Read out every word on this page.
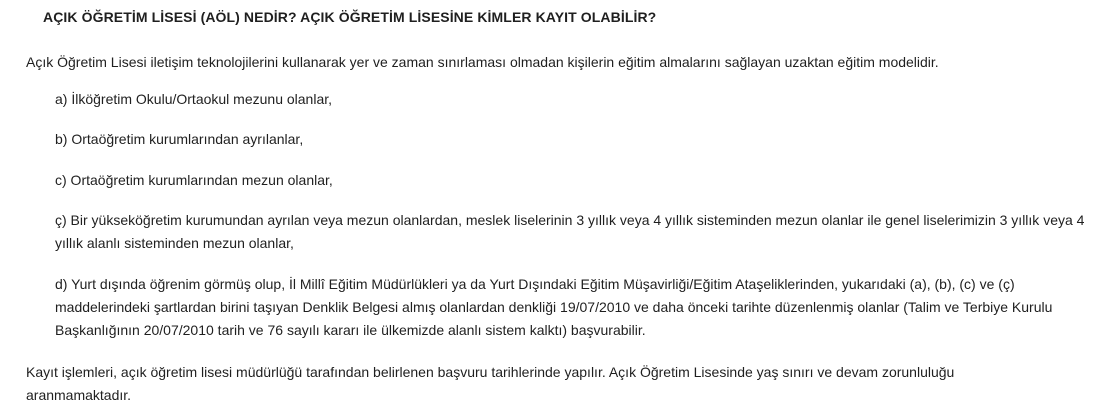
AÇIK ÖĞRETİM LİSESİ (AÖL) NEDİR? AÇIK ÖĞRETİM LİSESİNE KİMLER KAYIT OLABİLİR?

Açık Öğretim Lisesi iletişim teknolojilerini kullanarak yer ve zaman sınırlaması olmadan kişilerin eğitim almalarını sağlayan uzaktan eğitim modelidir.

a) İlköğretim Okulu/Ortaokul mezunu olanlar,

b) Ortaöğretim kurumlarından ayrılanlar,

c) Ortaöğretim kurumlarından mezun olanlar,

ç) Bir yükseköğretim kurumundan ayrılan veya mezun olanlardan, meslek liselerinin 3 yıllık veya 4 yıllık sisteminden mezun olanlar ile genel liselerimizin 3 yıllık veya 4 yıllık alanlı sisteminden mezun olanlar,

d) Yurt dışında öğrenim görmüş olup, İl Millî Eğitim Müdürlükleri ya da Yurt Dışındaki Eğitim Müşavirliği/Eğitim Ataşeliklerinden, yukarıdaki (a), (b), (c) ve (ç) maddelerindeki şartlardan birini taşıyan Denklik Belgesi almış olanlardan denkliği 19/07/2010 ve daha önceki tarihte düzenlenmiş olanlar (Talim ve Terbiye Kurulu Başkanlığının 20/07/2010 tarih ve 76 sayılı kararı ile ülkemizde alanlı sistem kalktı) başvurabilir.

Kayıt işlemleri, açık öğretim lisesi müdürlüğü tarafından belirlenen başvuru tarihlerinde yapılır. Açık Öğretim Lisesinde yaş sınırı ve devam zorunluluğu aranmamaktadır.
